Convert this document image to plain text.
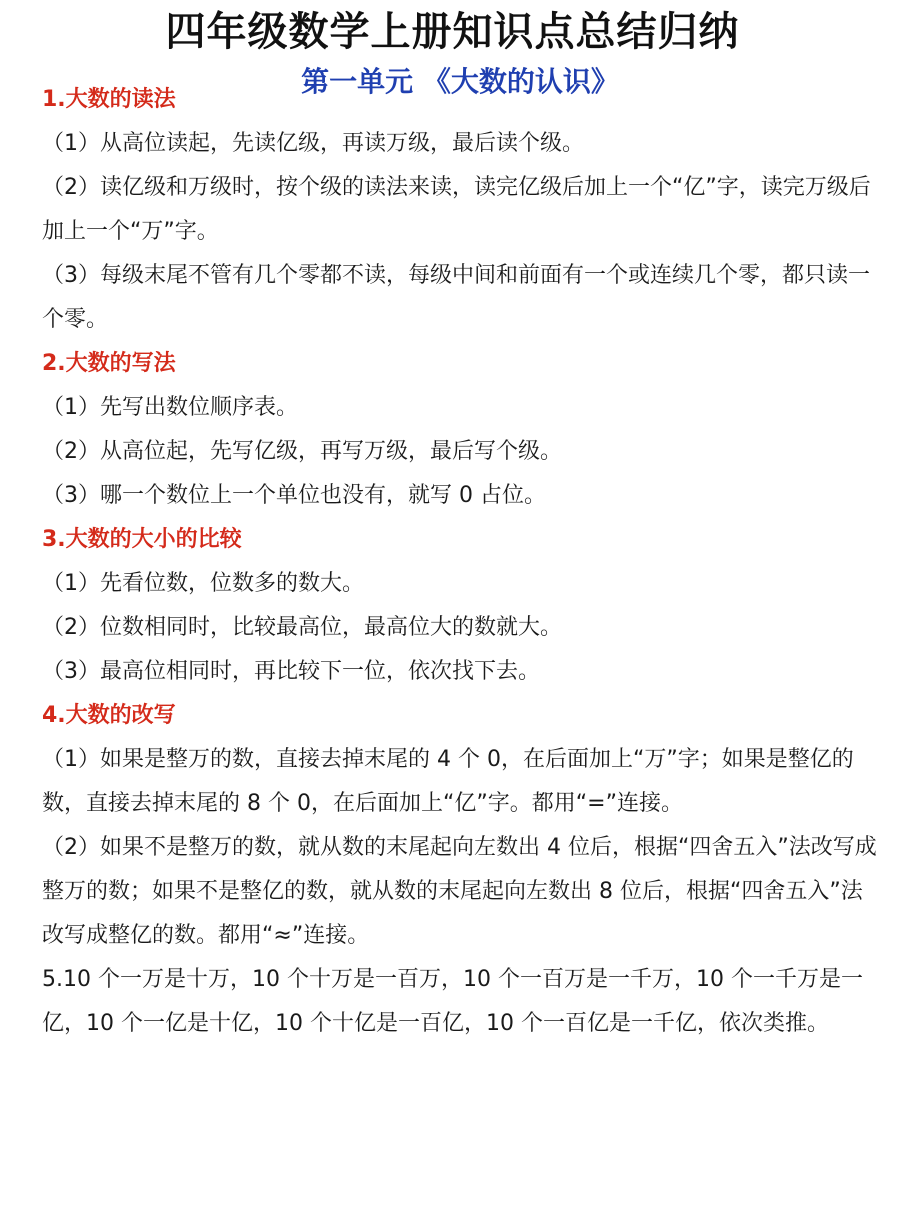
四年级数学上册知识点总结归纳
第一单元 《大数的认识》
1.大数的读法
（1）从高位读起，先读亿级，再读万级，最后读个级。
（2）读亿级和万级时，按个级的读法来读，读完亿级后加上一个“亿”字，读完万级后加上一个“万”字。
（3）每级末尾不管有几个零都不读，每级中间和前面有一个或连续几个零，都只读一个零。
2.大数的写法
（1）先写出数位顺序表。
（2）从高位起，先写亿级，再写万级，最后写个级。
（3）哪一个数位上一个单位也没有，就写 0 占位。
3.大数的大小的比较
（1）先看位数，位数多的数大。
（2）位数相同时，比较最高位，最高位大的数就大。
（3）最高位相同时，再比较下一位，依次找下去。
4.大数的改写
（1）如果是整万的数，直接去掉末尾的 4 个 0，在后面加上“万”字；如果是整亿的数，直接去掉末尾的 8 个 0，在后面加上“亿”字。都用“=”连接。
（2）如果不是整万的数，就从数的末尾起向左数出 4 位后，根据“四舍五入”法改写成整万的数；如果不是整亿的数，就从数的末尾起向左数出 8 位后，根据“四舍五入”法改写成整亿的数。都用“≈”连接。
5.10 个一万是十万，10 个十万是一百万，10 个一百万是一千万，10 个一千万是一亿，10 个一亿是十亿，10 个十亿是一百亿，10 个一百亿是一千亿，依次类推。
